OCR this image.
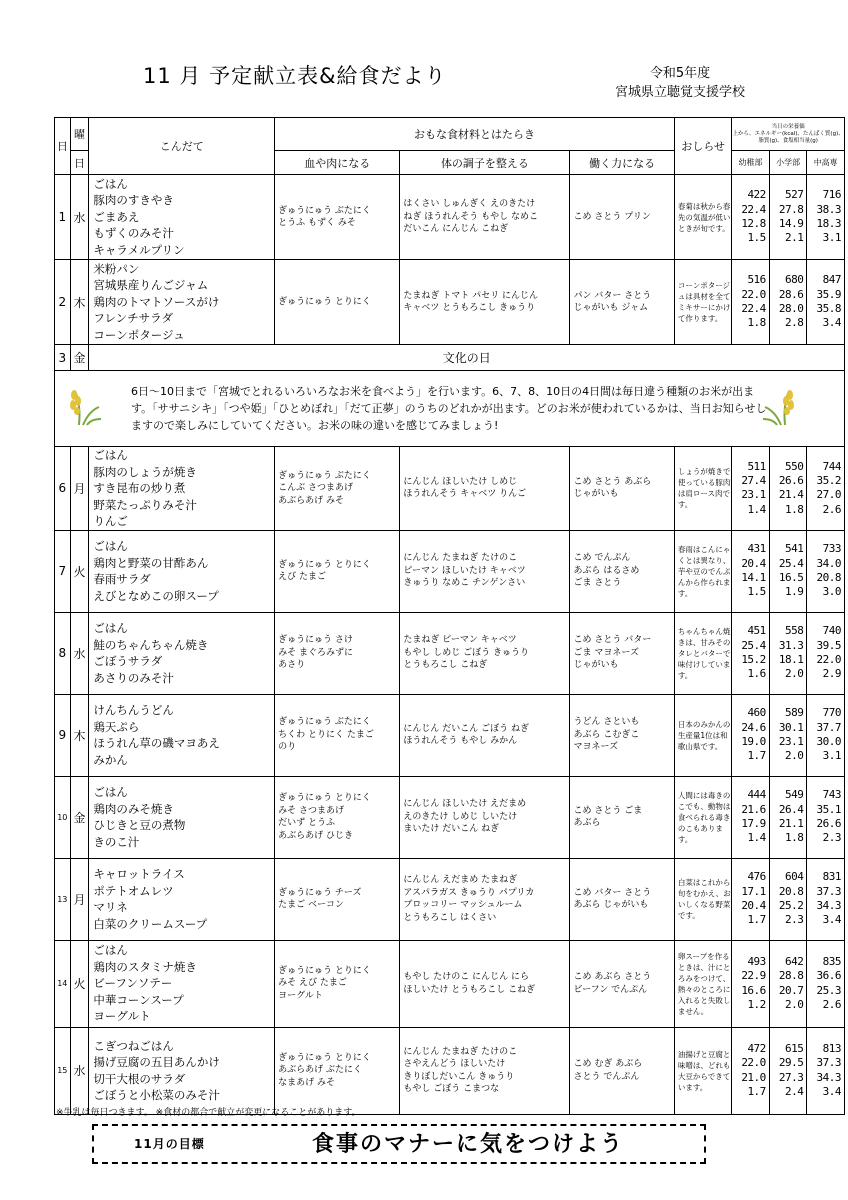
11 月 予定献立表&給食だより	令和5年度
宮城県立聴覚支援学校
日	曜	こんだて	おもな食材料とはたらき			おしらせ	当日の栄養価
上から、エネルギー(kcal)、たんぱく質(g)、脂質(g)、食塩相当量(g)		
	日		血や肉になる	体の調子を整える	働く力になる		幼稚部	小学部	中高専
1	水	ごはん
豚肉のすきやき
ごまあえ
もずくのみそ汁
キャラメルプリン	ぎゅうにゅう ぶたにく
とうふ もずく みそ	はくさい しゅんぎく えのきたけ
ねぎ ほうれんそう もやし なめこ
だいこん にんじん こねぎ	こめ さとう プリン	春菊は秋から春先の気温が低いときが旬です。	422
22.4
12.8
1.5	527
27.8
14.9
2.1	716
38.3
18.3
3.1
2	木	米粉パン
宮城県産りんごジャム
鶏肉のトマトソースがけ
フレンチサラダ
コーンポタージュ	ぎゅうにゅう とりにく	たまねぎ トマト パセリ にんじん
キャベツ とうもろこし きゅうり	パン バター さとう
じゃがいも ジャム	コーンポタージュは具材を全てミキサーにかけて作ります。	516
22.0
22.4
1.8	680
28.6
28.0
2.8	847
35.9
35.8
3.4
3	金	文化の日							

6日～10日まで「宮城でとれるいろいろなお米を食べよう」を行います。6、7、8、10日の4日間は毎日違う種類のお米が出ます。「ササニシキ」「つや姫」「ひとめぼれ」「だて正夢」のうちのどれかが出ます。どのお米が使われているかは、当日お知らせしますので楽しみにしていてください。お米の味の違いを感じてみましょう!									

6	月	ごはん
豚肉のしょうが焼き
すき昆布の炒り煮
野菜たっぷりみそ汁
りんご	ぎゅうにゅう ぶたにく
こんぶ さつまあげ
あぶらあげ みそ	にんじん ほしいたけ しめじ
ほうれんそう キャベツ りんご	こめ さとう あぶら
じゃがいも	しょうが焼きで使っている豚肉は肩ロース肉です。	511
27.4
23.1
1.4	550
26.6
21.4
1.8	744
35.2
27.0
2.6
7	火	ごはん
鶏肉と野菜の甘酢あん
春雨サラダ
えびとなめこの卵スープ	ぎゅうにゅう とりにく
えび たまご	にんじん たまねぎ たけのこ
ピーマン ほしいたけ キャベツ
きゅうり なめこ チンゲンさい	こめ でんぷん
あぶら はるさめ
ごま さとう	春雨はこんにゃくとは異なり、芋や豆のでんぷんから作られます。	431
20.4
14.1
1.5	541
25.4
16.5
1.9	733
34.0
20.8
3.0
8	水	ごはん
鮭のちゃんちゃん焼き
ごぼうサラダ
あさりのみそ汁	ぎゅうにゅう さけ
みそ まぐろみずに
あさり	たまねぎ ピーマン キャベツ
もやし しめじ ごぼう きゅうり
とうもろこし こねぎ	こめ さとう バター
ごま マヨネーズ
じゃがいも	ちゃんちゃん焼きは、甘みそのタレとバターで味付けしています。	451
25.4
15.2
1.6	558
31.3
18.1
2.0	740
39.5
22.0
2.9
9	木	けんちんうどん
鶏天ぷら
ほうれん草の磯マヨあえ
みかん	ぎゅうにゅう ぶたにく
ちくわ とりにく たまご
のり	にんじん だいこん ごぼう ねぎ
ほうれんそう もやし みかん	うどん さといも
あぶら こむぎこ
マヨネーズ	日本のみかんの生産量1位は和歌山県です。	460
24.6
19.0
1.7	589
30.1
23.1
2.0	770
37.7
30.0
3.1
10	金	ごはん
鶏肉のみそ焼き
ひじきと豆の煮物
きのこ汁	ぎゅうにゅう とりにく
みそ さつまあげ
だいず とうふ
あぶらあげ ひじき	にんじん ほしいたけ えだまめ
えのきたけ しめじ しいたけ
まいたけ だいこん ねぎ	こめ さとう ごま
あぶら	人間には毒きのこでも、動物は食べられる毒きのこもあります。	444
21.6
17.9
1.4	549
26.4
21.1
1.8	743
35.1
26.6
2.3
13	月	キャロットライス
ポテトオムレツ
マリネ
白菜のクリームスープ	ぎゅうにゅう チーズ
たまご ベーコン	にんじん えだまめ たまねぎ
アスパラガス きゅうり パプリカ
ブロッコリー マッシュルーム
とうもろこし はくさい	こめ バター さとう
あぶら じゃがいも	白菜はこれから旬をむかえ、おいしくなる野菜です。	476
17.1
20.4
1.7	604
20.8
25.2
2.3	831
37.3
34.3
3.4
14	火	ごはん
鶏肉のスタミナ焼き
ビーフンソテー
中華コーンスープ
ヨーグルト	ぎゅうにゅう とりにく
みそ えび たまご
ヨーグルト	もやし たけのこ にんじん にら
ほしいたけ とうもろこし こねぎ	こめ あぶら さとう
ビーフン でんぷん	卵スープを作るときは、汁にとろみをつけて、熱々のところに入れると失敗しません。	493
22.9
16.6
1.2	642
28.8
20.7
2.0	835
36.6
25.3
2.6
15	水	こぎつねごはん
揚げ豆腐の五目あんかけ
切干大根のサラダ
ごぼうと小松菜のみそ汁	ぎゅうにゅう とりにく
あぶらあげ ぶたにく
なまあげ みそ	にんじん たまねぎ たけのこ
さやえんどう ほしいたけ
きりぼしだいこん きゅうり
もやし ごぼう こまつな	こめ むぎ あぶら
さとう でんぷん	油揚げと豆腐と味噌は、どれも大豆からできています。	472
22.0
21.0
1.7	615
29.5
27.3
2.4	813
37.3
34.3
3.4
※牛乳は毎日つきます。 ※食材の都合で献立が変更になることがあります。
11月の目標	食事のマナーに気をつけよう
